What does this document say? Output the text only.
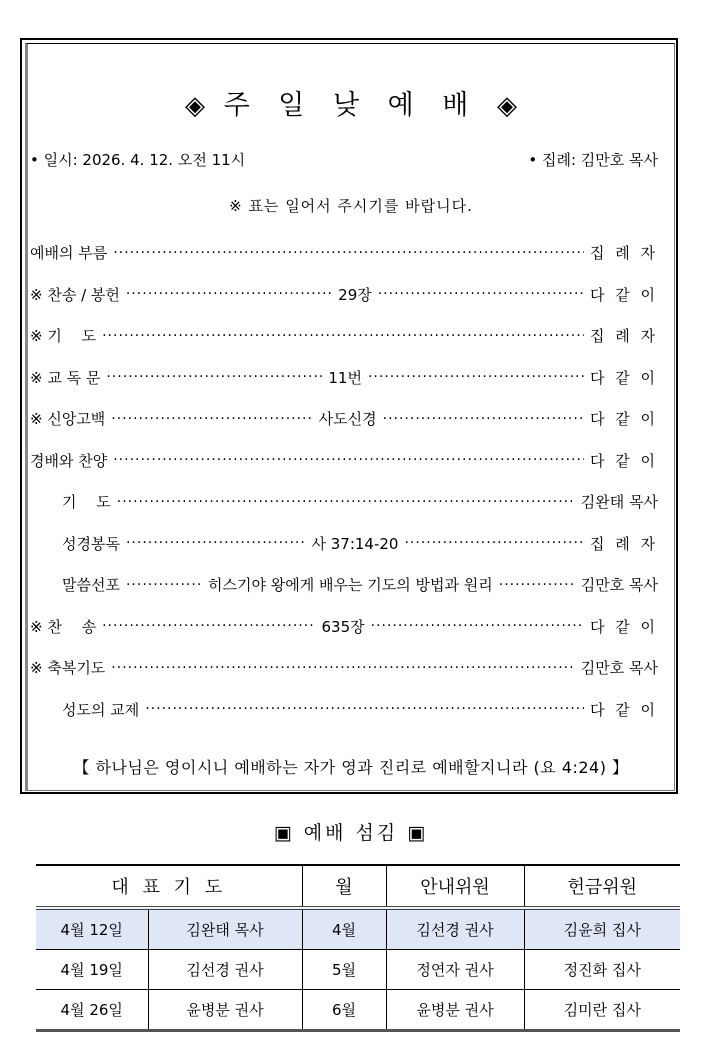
◈ 주 일 낮 예 배 ◈
• 일시: 2026. 4. 12. 오전 11시	• 집례: 김만호 목사
※ 표는 일어서 주시기를 바랍니다.
예배의 부름 .....	집 례 자
※ 찬송 / 봉헌 .....	29장 .....	다 같 이
※ 기　 도 .....	집 례 자
※ 교 독 문 .....	11번 .....	다 같 이
※ 신앙고백 .....	사도신경 .....	다 같 이
경배와 찬양 .....	다 같 이
기　 도 .....	김완태 목사
성경봉독 .....	사 37:14-20 .....	집 례 자
말씀선포 .....	히스기야 왕에게 배우는 기도의 방법과 원리 .....	김만호 목사
※ 찬　 송 .....	635장 .....	다 같 이
※ 축복기도 .....	김만호 목사
성도의 교제 .....	다 같 이
【 하나님은 영이시니 예배하는 자가 영과 진리로 예배할지니라 (요 4:24) 】
▣ 예배 섬김 ▣
대 표 기 도		월	안내위원	헌금위원
4월 12일	김완태 목사	4월	김선경 권사	김윤희 집사
4월 19일	김선경 권사	5월	정연자 권사	정진화 집사
4월 26일	윤병분 권사	6월	윤병분 권사	김미란 집사
